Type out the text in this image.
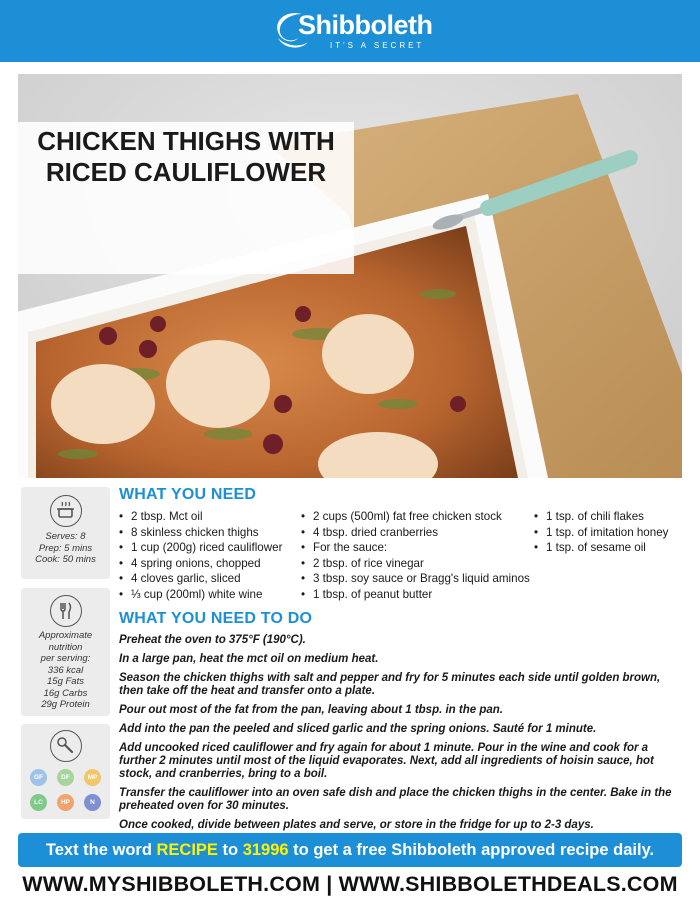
Shibboleth
IT'S A SECRET
CHICKEN THIGHS WITH
RICED CAULIFLOWER
Serves: 8
Prep: 5 mins
Cook: 50 mins
Approximate
nutrition
per serving:
336 kcal
15g Fats
16g Carbs
29g Protein
GF	DF	MP
LC	HP	N
WHAT YOU NEED
• 2 tbsp. Mct oil
• 8 skinless chicken thighs
• 1 cup (200g) riced cauliflower
• 4 spring onions, chopped
• 4 cloves garlic, sliced
• ⅓ cup (200ml) white wine
• 2 cups (500ml) fat free chicken stock
• 4 tbsp. dried cranberries
• For the sauce:
• 2 tbsp. of rice vinegar
• 3 tbsp. soy sauce or Bragg's liquid aminos
• 1 tbsp. of peanut butter
• 1 tsp. of chili flakes
• 1 tsp. of imitation honey
• 1 tsp. of sesame oil
WHAT YOU NEED TO DO

Preheat the oven to 375°F (190°C).

In a large pan, heat the mct oil on medium heat.

Season the chicken thighs with salt and pepper and fry for 5 minutes each side until golden brown, then take off the heat and transfer onto a plate.

Pour out most of the fat from the pan, leaving about 1 tbsp. in the pan.

Add into the pan the peeled and sliced garlic and the spring onions. Sauté for 1 minute.

Add uncooked riced cauliflower and fry again for about 1 minute. Pour in the wine and cook for a further 2 minutes until most of the liquid evaporates. Next, add all ingredients of hoisin sauce, hot stock, and cranberries, bring to a boil.

Transfer the cauliflower into an oven safe dish and place the chicken thighs in the center. Bake in the preheated oven for 30 minutes.

Once cooked, divide between plates and serve, or store in the fridge for up to 2-3 days.

Text the word RECIPE to 31996 to get a free Shibboleth approved recipe daily.
WWW.MYSHIBBOLETH.COM | WWW.SHIBBOLETHDEALS.COM
